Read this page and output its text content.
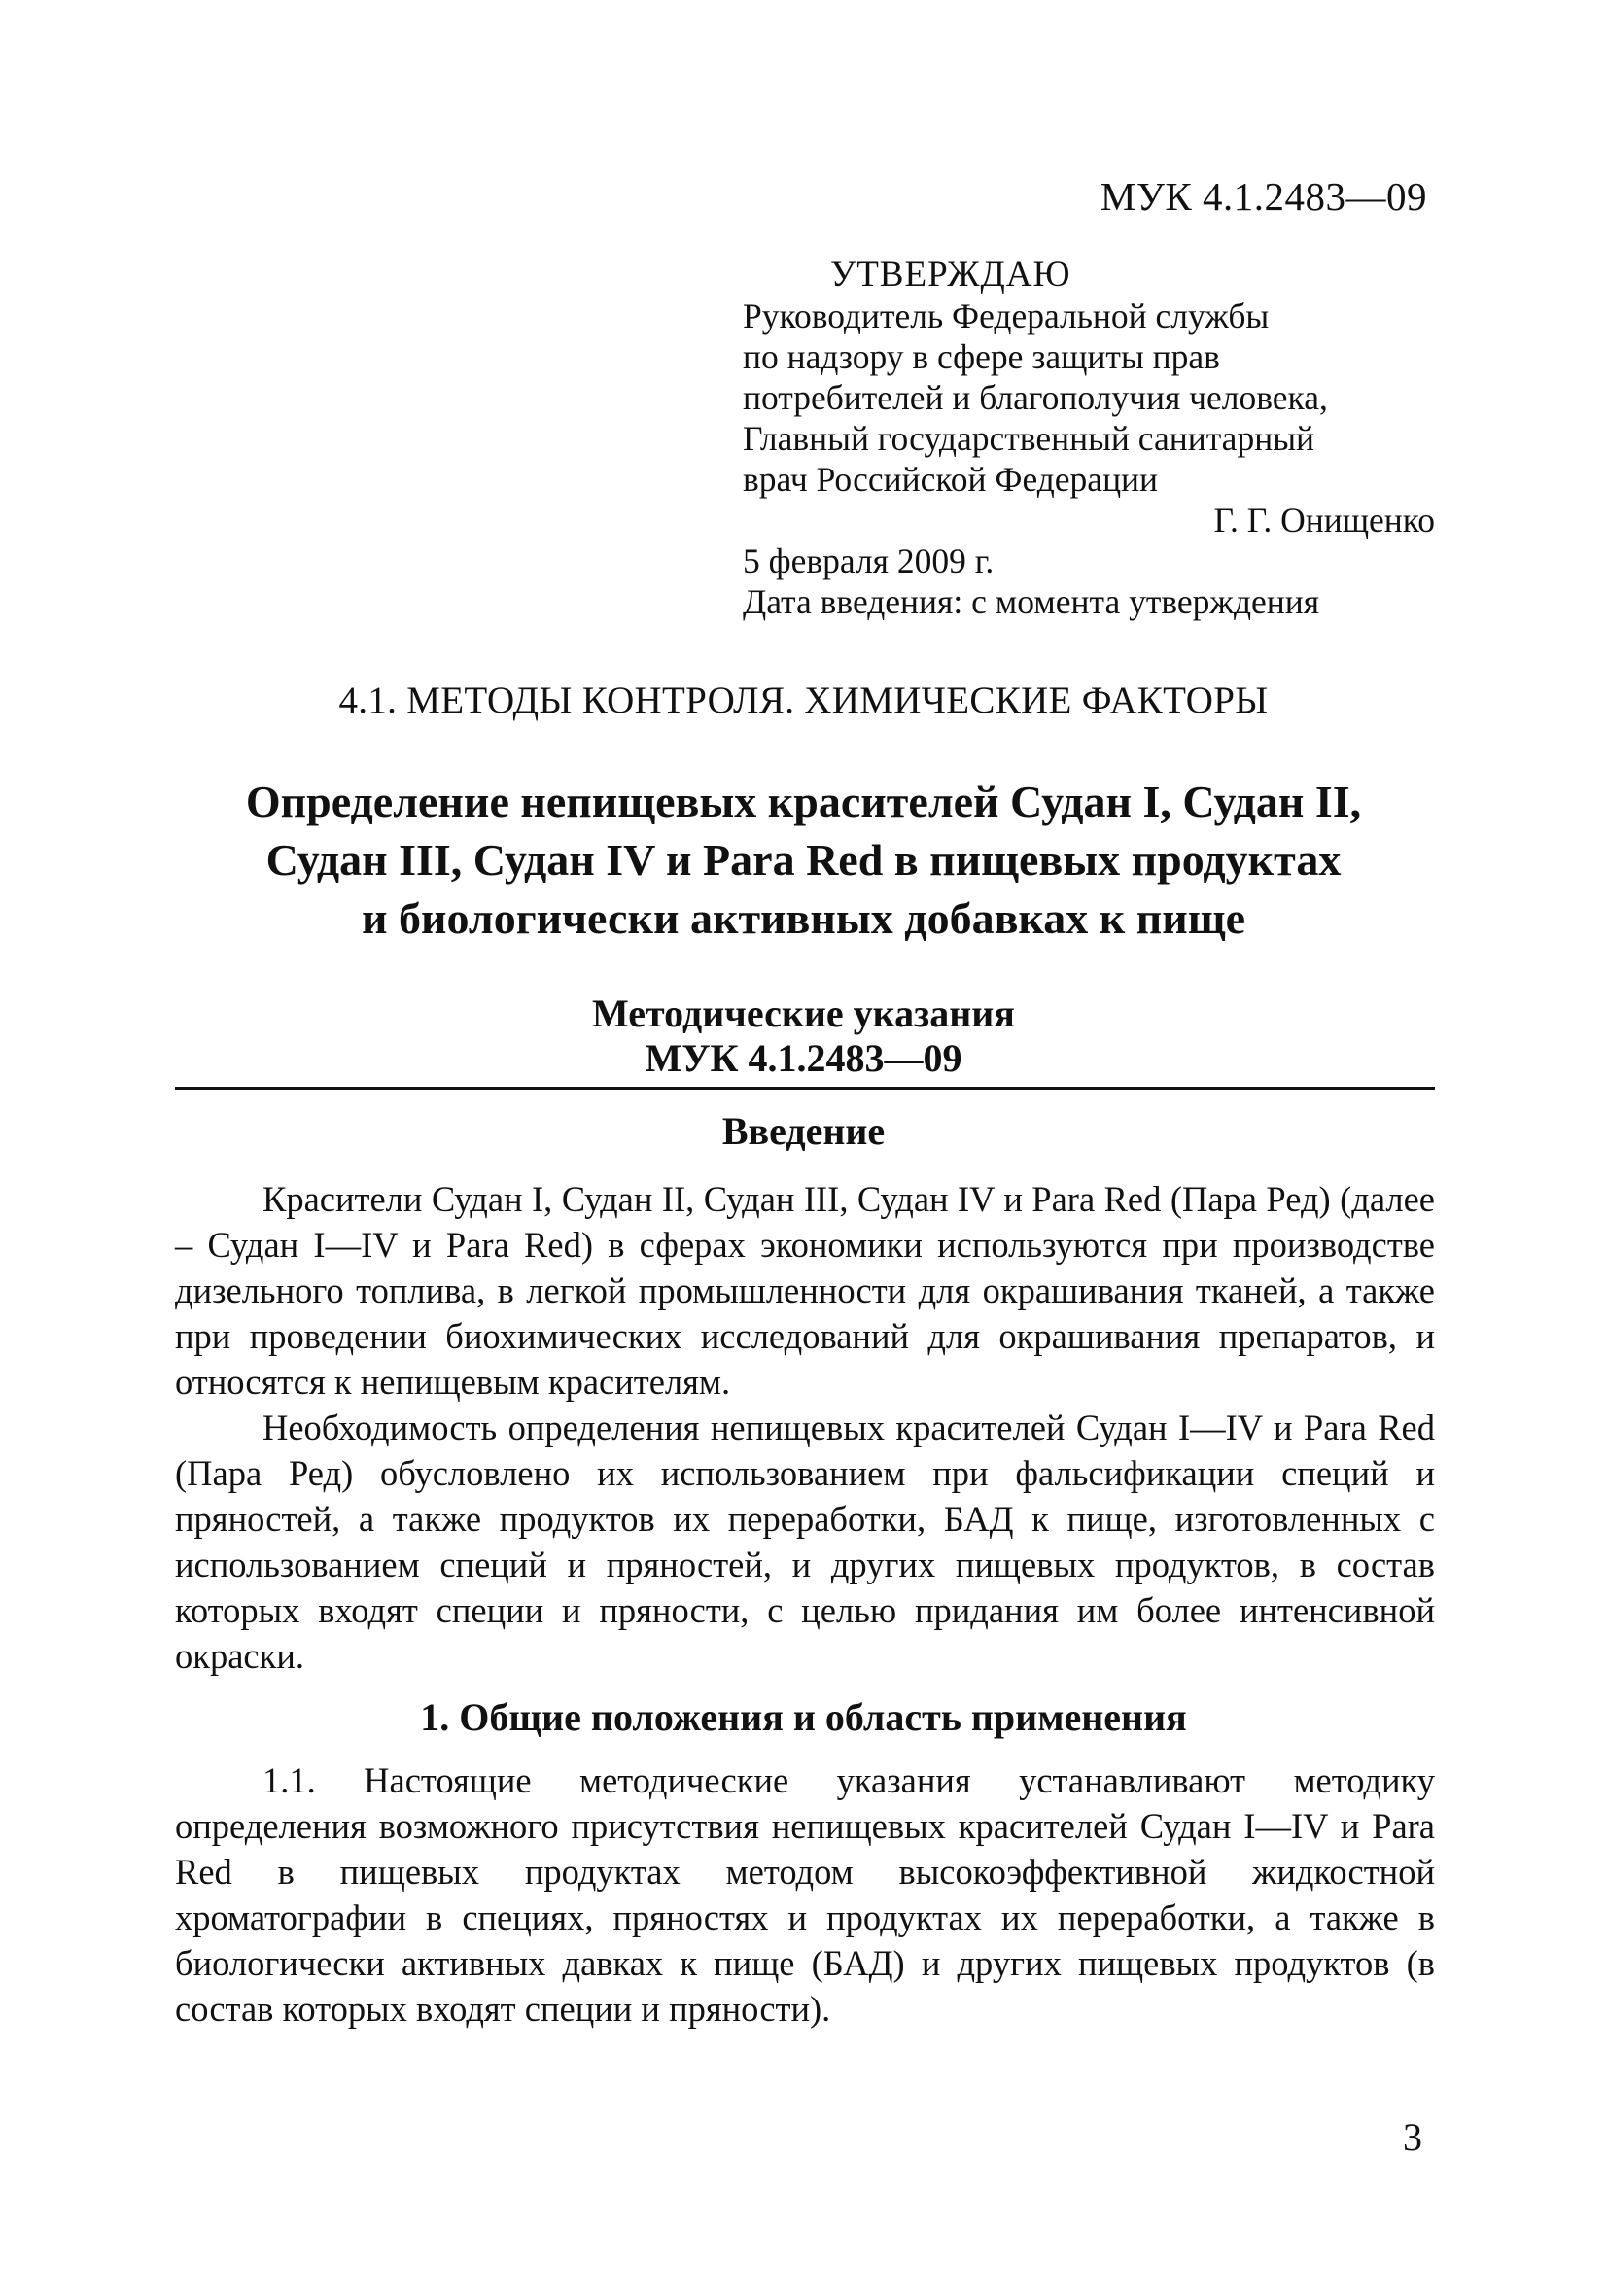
МУК 4.1.2483—09
УТВЕРЖДАЮ
Руководитель Федеральной службы
по надзору в сфере защиты прав
потребителей и благополучия человека,
Главный государственный санитарный
врач Российской Федерации
Г. Г. Онищенко
5 февраля 2009 г.
Дата введения: с момента утверждения
4.1. МЕТОДЫ КОНТРОЛЯ. ХИМИЧЕСКИЕ ФАКТОРЫ
Определение непищевых красителей Судан I, Судан II,
Судан III, Судан IV и Para Red в пищевых продуктах
и биологически активных добавках к пище
Методические указания
МУК 4.1.2483—09
Введение

Красители Судан I, Судан II, Судан III, Судан IV и Para Red (Пара Ред) (далее – Судан I—IV и Para Red) в сферах экономики используются при производстве дизельного топлива, в легкой промышленности для окрашивания тканей, а также при проведении биохимических исследований для окрашивания препаратов, и относятся к непищевым красителям.

Необходимость определения непищевых красителей Судан I—IV и Para Red (Пара Ред) обусловлено их использованием при фальсификации специй и пряностей, а также продуктов их переработки, БАД к пище, изготовленных с использованием специй и пряностей, и других пищевых продуктов, в состав которых входят специи и пряности, с целью придания им более интенсивной окраски.

1. Общие положения и область применения

1.1. Настоящие методические указания устанавливают методику определения возможного присутствия непищевых красителей Судан I—IV и Para Red в пищевых продуктах методом высокоэффективной жидкостной хроматографии в специях, пряностях и продуктах их переработки, а также в биологически активных давках к пище (БАД) и других пищевых продуктов (в состав которых входят специи и пряности).

3
